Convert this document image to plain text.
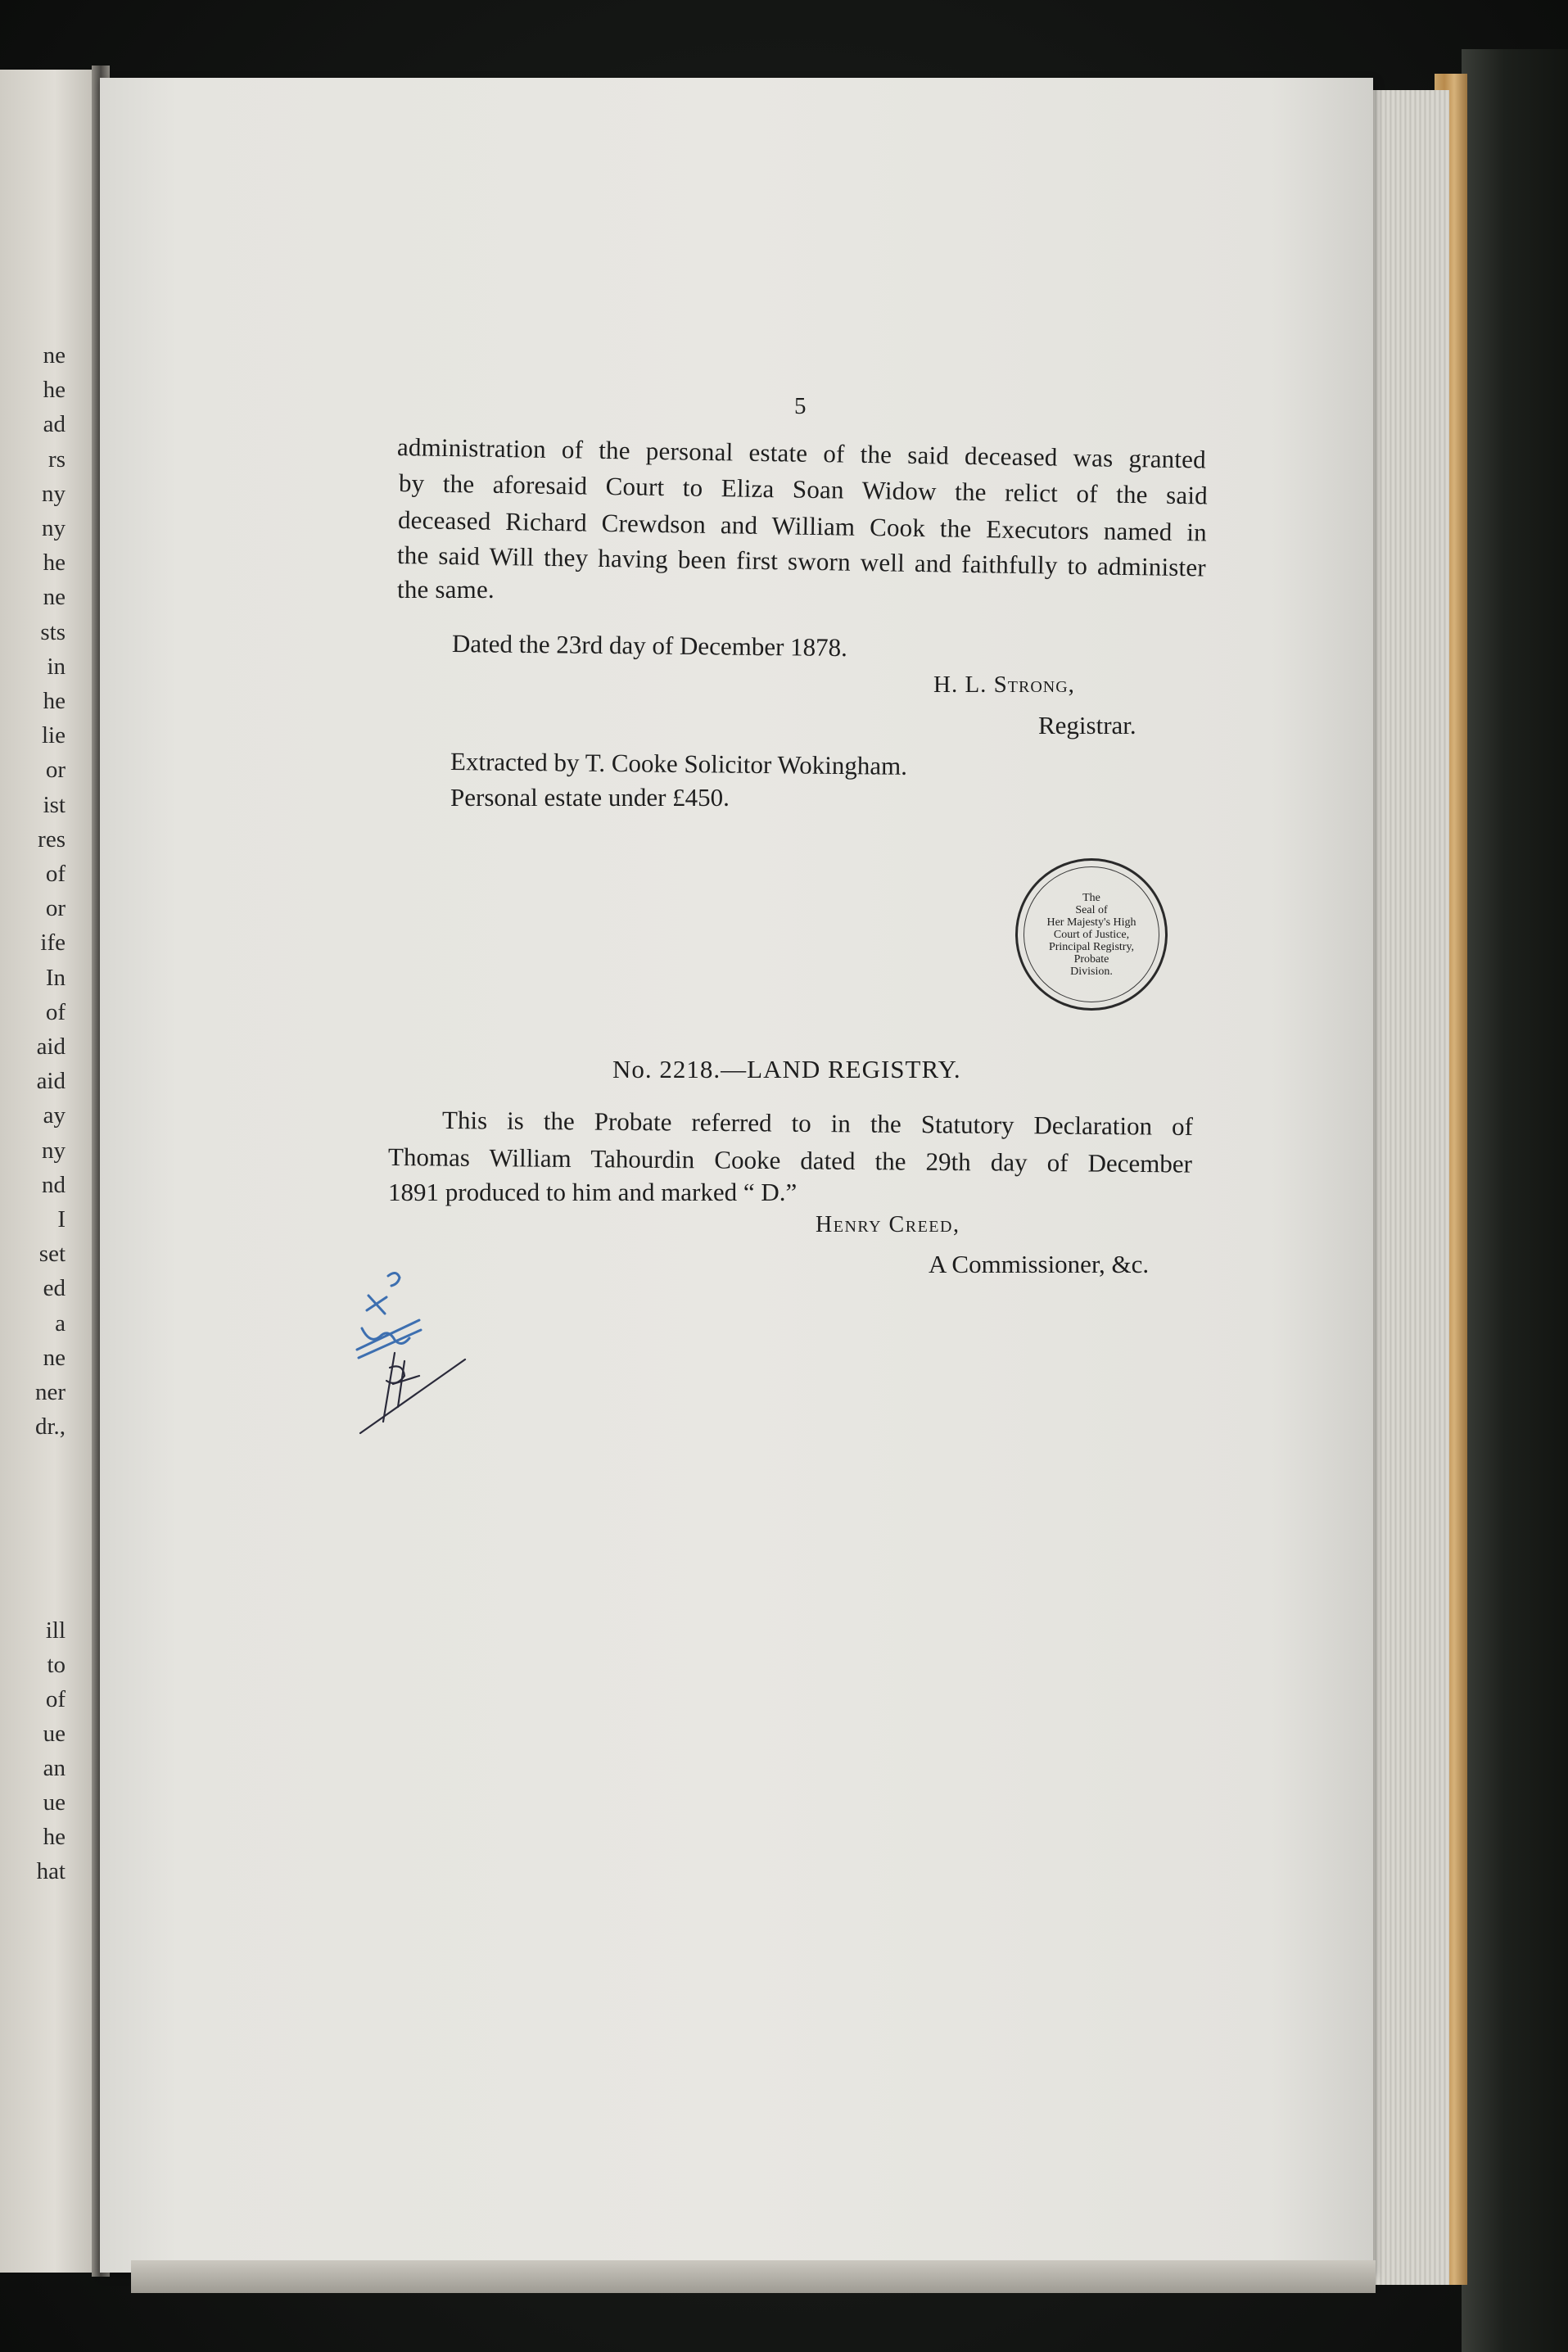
ne
he
ad
rs
ny
ny
he
ne
sts
in
he
lie
or
ist
res
of
or
ife
In
of
aid
aid
ay
ny
nd
I
set
ed
a
ne
ner
dr.,
ill
to
of
ue
an
ue
he
hat
5
administration of the personal estate of the said deceased was granted
by the aforesaid Court to Eliza Soan Widow the relict of the said
deceased Richard Crewdson and William Cook the Executors named in
the said Will they having been first sworn well and faithfully to administer
the same.
Dated the 23rd day of December 1878.
H. L. Strong,
Registrar.
Extracted by T. Cooke Solicitor Wokingham.
Personal estate under £450.
The
Seal of
Her Majesty's High
Court of Justice,
Principal Registry,
Probate
Division.
No. 2218.—LAND REGISTRY.
This is the Probate referred to in the Statutory Declaration of
Thomas William Tahourdin Cooke dated the 29th day of December
1891 produced to him and marked “ D.”
Henry Creed,
A Commissioner, &c.
